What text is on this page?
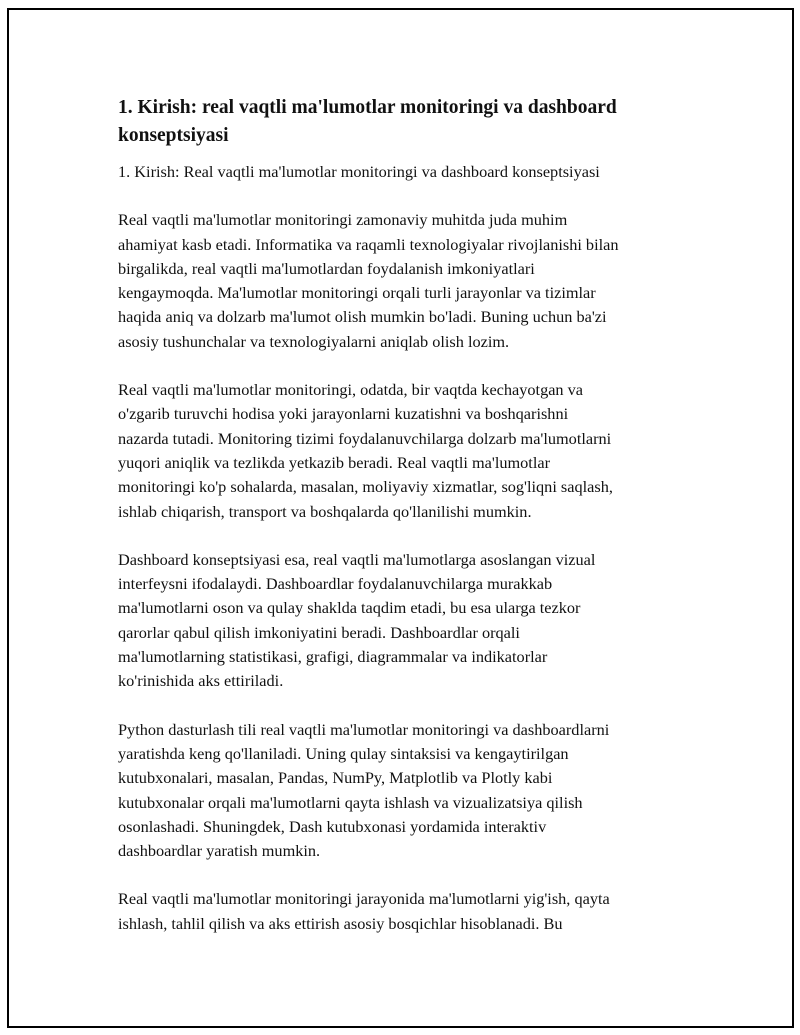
1. Kirish: real vaqtli ma'lumotlar monitoringi va dashboard
konseptsiyasi

1. Kirish: Real vaqtli ma'lumotlar monitoringi va dashboard konseptsiyasi

Real vaqtli ma'lumotlar monitoringi zamonaviy muhitda juda muhim
ahamiyat kasb etadi. Informatika va raqamli texnologiyalar rivojlanishi bilan
birgalikda, real vaqtli ma'lumotlardan foydalanish imkoniyatlari
kengaymoqda. Ma'lumotlar monitoringi orqali turli jarayonlar va tizimlar
haqida aniq va dolzarb ma'lumot olish mumkin bo'ladi. Buning uchun ba'zi
asosiy tushunchalar va texnologiyalarni aniqlab olish lozim.

Real vaqtli ma'lumotlar monitoringi, odatda, bir vaqtda kechayotgan va
o'zgarib turuvchi hodisa yoki jarayonlarni kuzatishni va boshqarishni
nazarda tutadi. Monitoring tizimi foydalanuvchilarga dolzarb ma'lumotlarni
yuqori aniqlik va tezlikda yetkazib beradi. Real vaqtli ma'lumotlar
monitoringi ko'p sohalarda, masalan, moliyaviy xizmatlar, sog'liqni saqlash,
ishlab chiqarish, transport va boshqalarda qo'llanilishi mumkin.

Dashboard konseptsiyasi esa, real vaqtli ma'lumotlarga asoslangan vizual
interfeysni ifodalaydi. Dashboardlar foydalanuvchilarga murakkab
ma'lumotlarni oson va qulay shaklda taqdim etadi, bu esa ularga tezkor
qarorlar qabul qilish imkoniyatini beradi. Dashboardlar orqali
ma'lumotlarning statistikasi, grafigi, diagrammalar va indikatorlar
ko'rinishida aks ettiriladi.

Python dasturlash tili real vaqtli ma'lumotlar monitoringi va dashboardlarni
yaratishda keng qo'llaniladi. Uning qulay sintaksisi va kengaytirilgan
kutubxonalari, masalan, Pandas, NumPy, Matplotlib va Plotly kabi
kutubxonalar orqali ma'lumotlarni qayta ishlash va vizualizatsiya qilish
osonlashadi. Shuningdek, Dash kutubxonasi yordamida interaktiv
dashboardlar yaratish mumkin.

Real vaqtli ma'lumotlar monitoringi jarayonida ma'lumotlarni yig'ish, qayta
ishlash, tahlil qilish va aks ettirish asosiy bosqichlar hisoblanadi. Bu
